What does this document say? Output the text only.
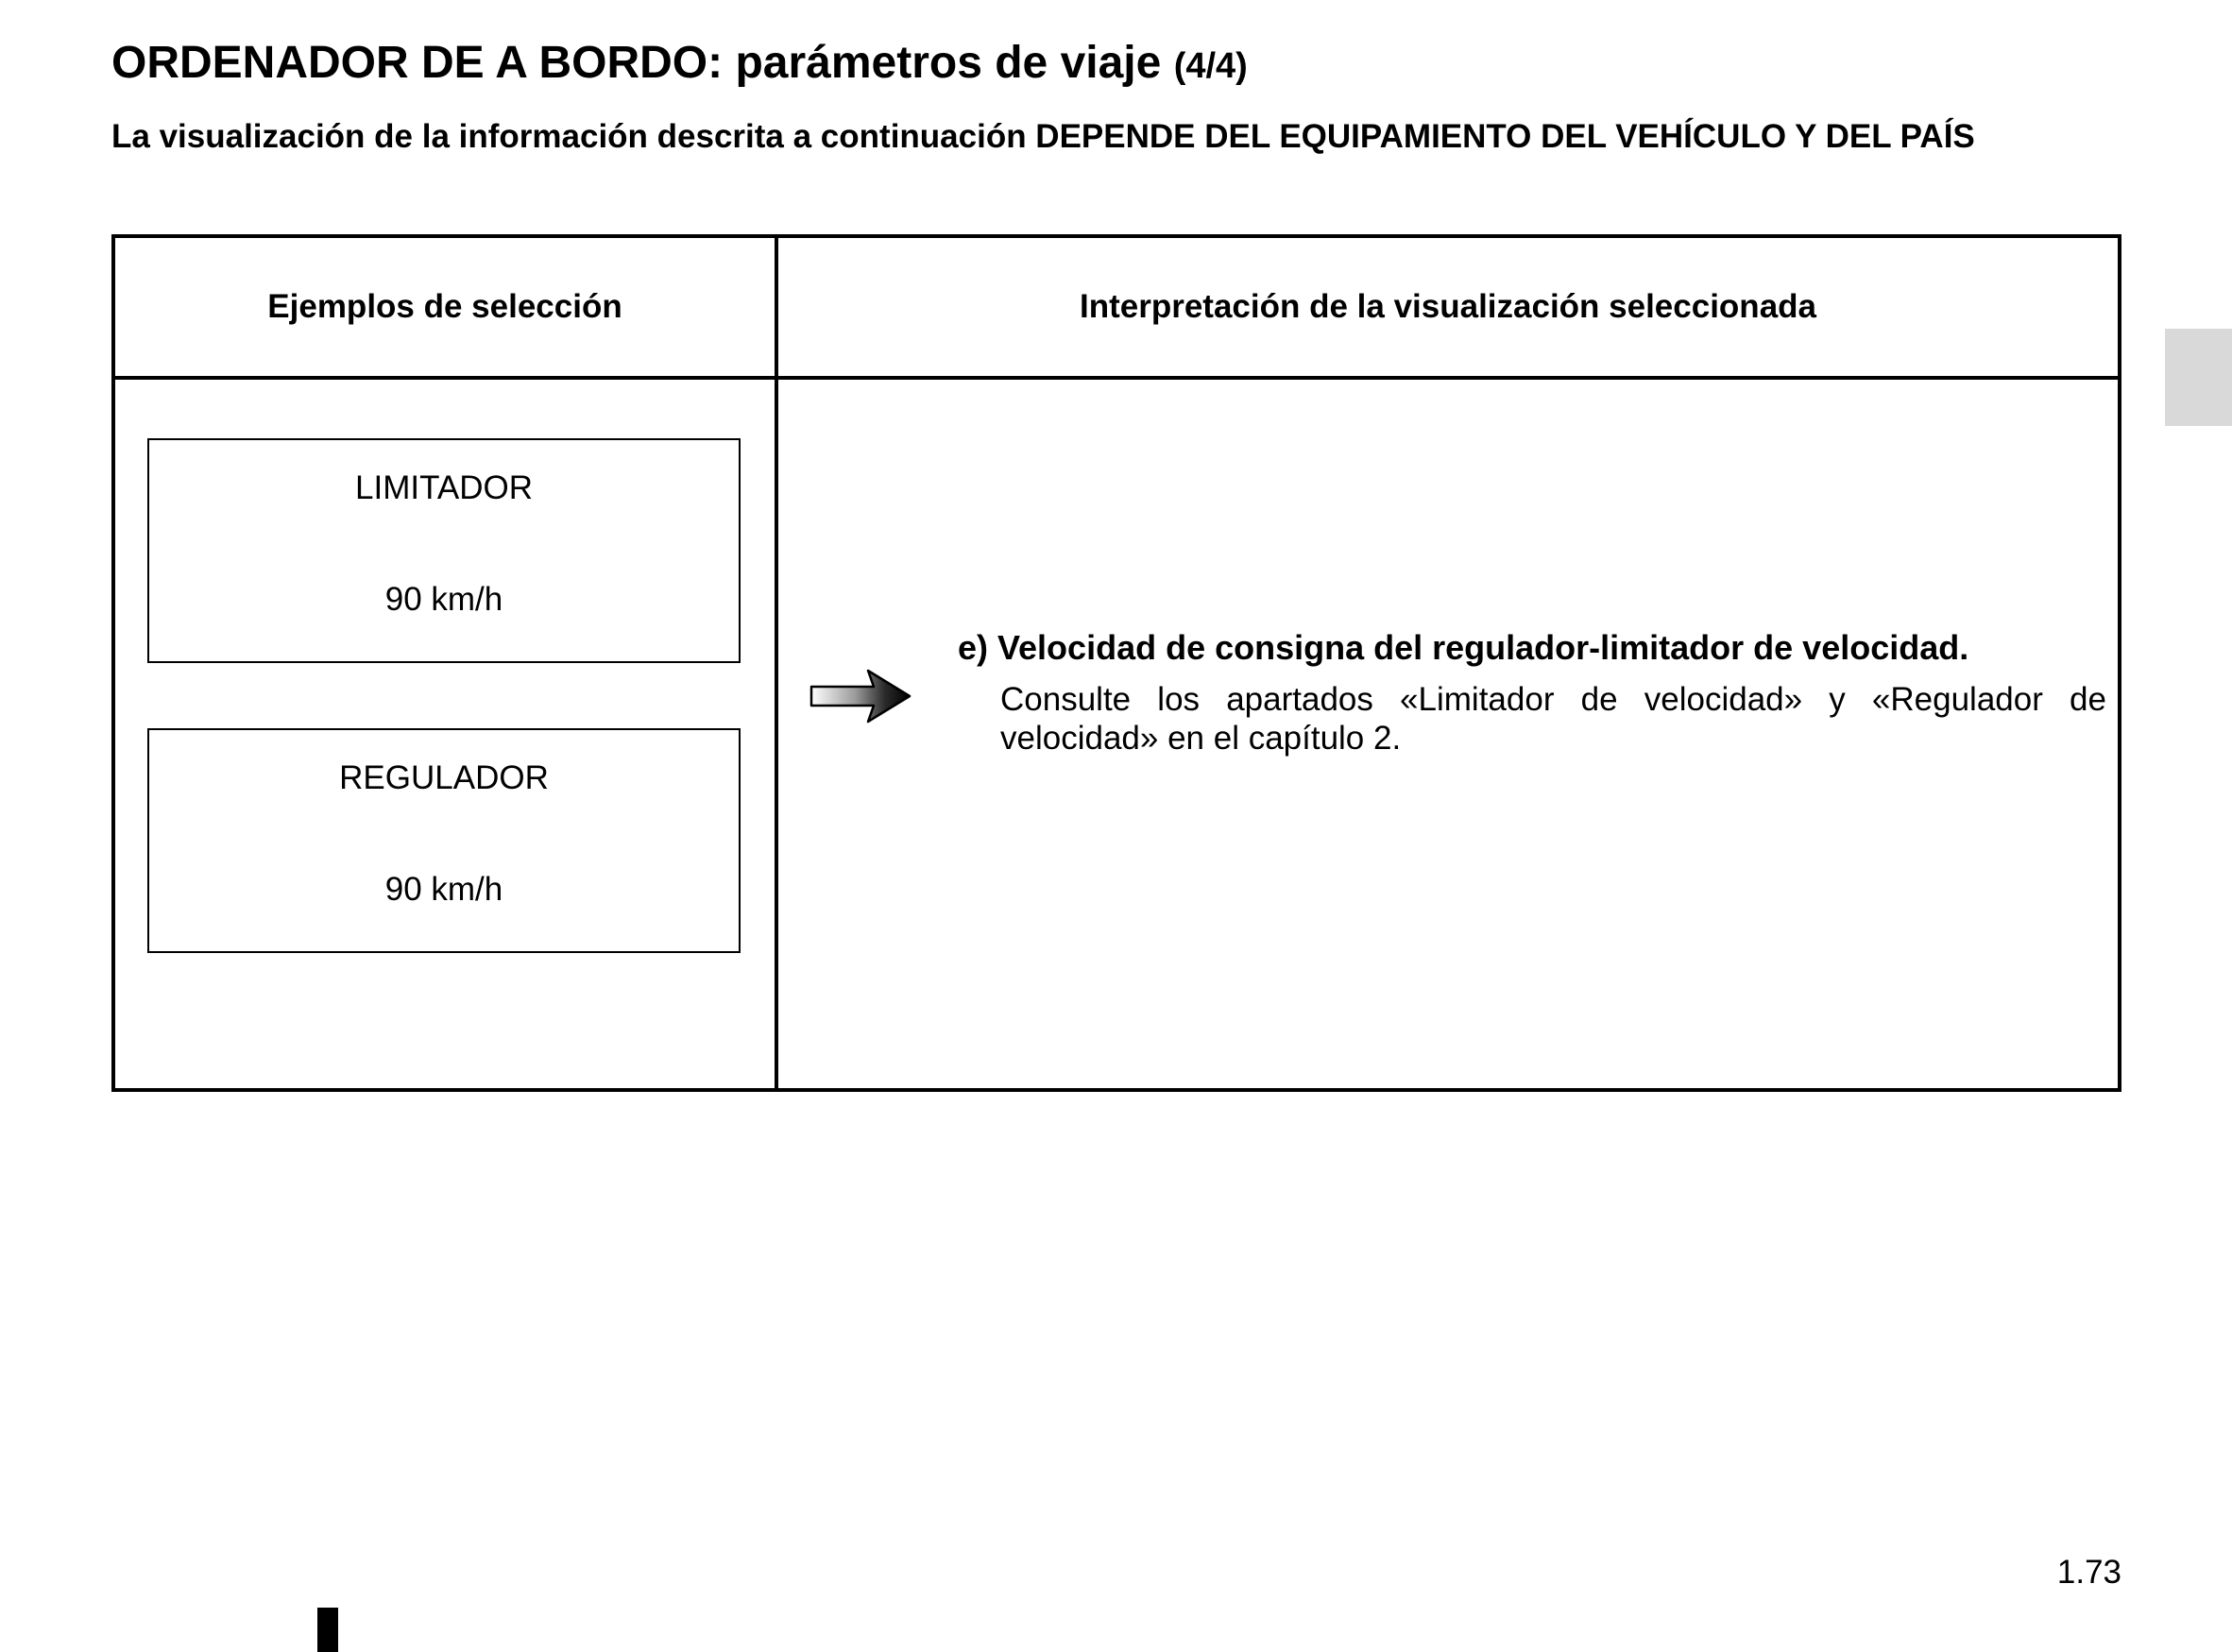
ORDENADOR DE A BORDO: parámetros de viaje (4/4)

La visualización de la información descrita a continuación DEPENDE DEL EQUIPAMIENTO DEL VEHÍCULO Y DEL PAÍS

Ejemplos de selección	Interpretación de la visualización seleccionada
LIMITADOR
90 km/h
REGULADOR
90 km/h
e) Velocidad de consigna del regulador-limitador de velocidad.
Consulte los apartados «Limitador de velocidad» y «Regulador de velocidad» en el capítulo 2.
1.73
